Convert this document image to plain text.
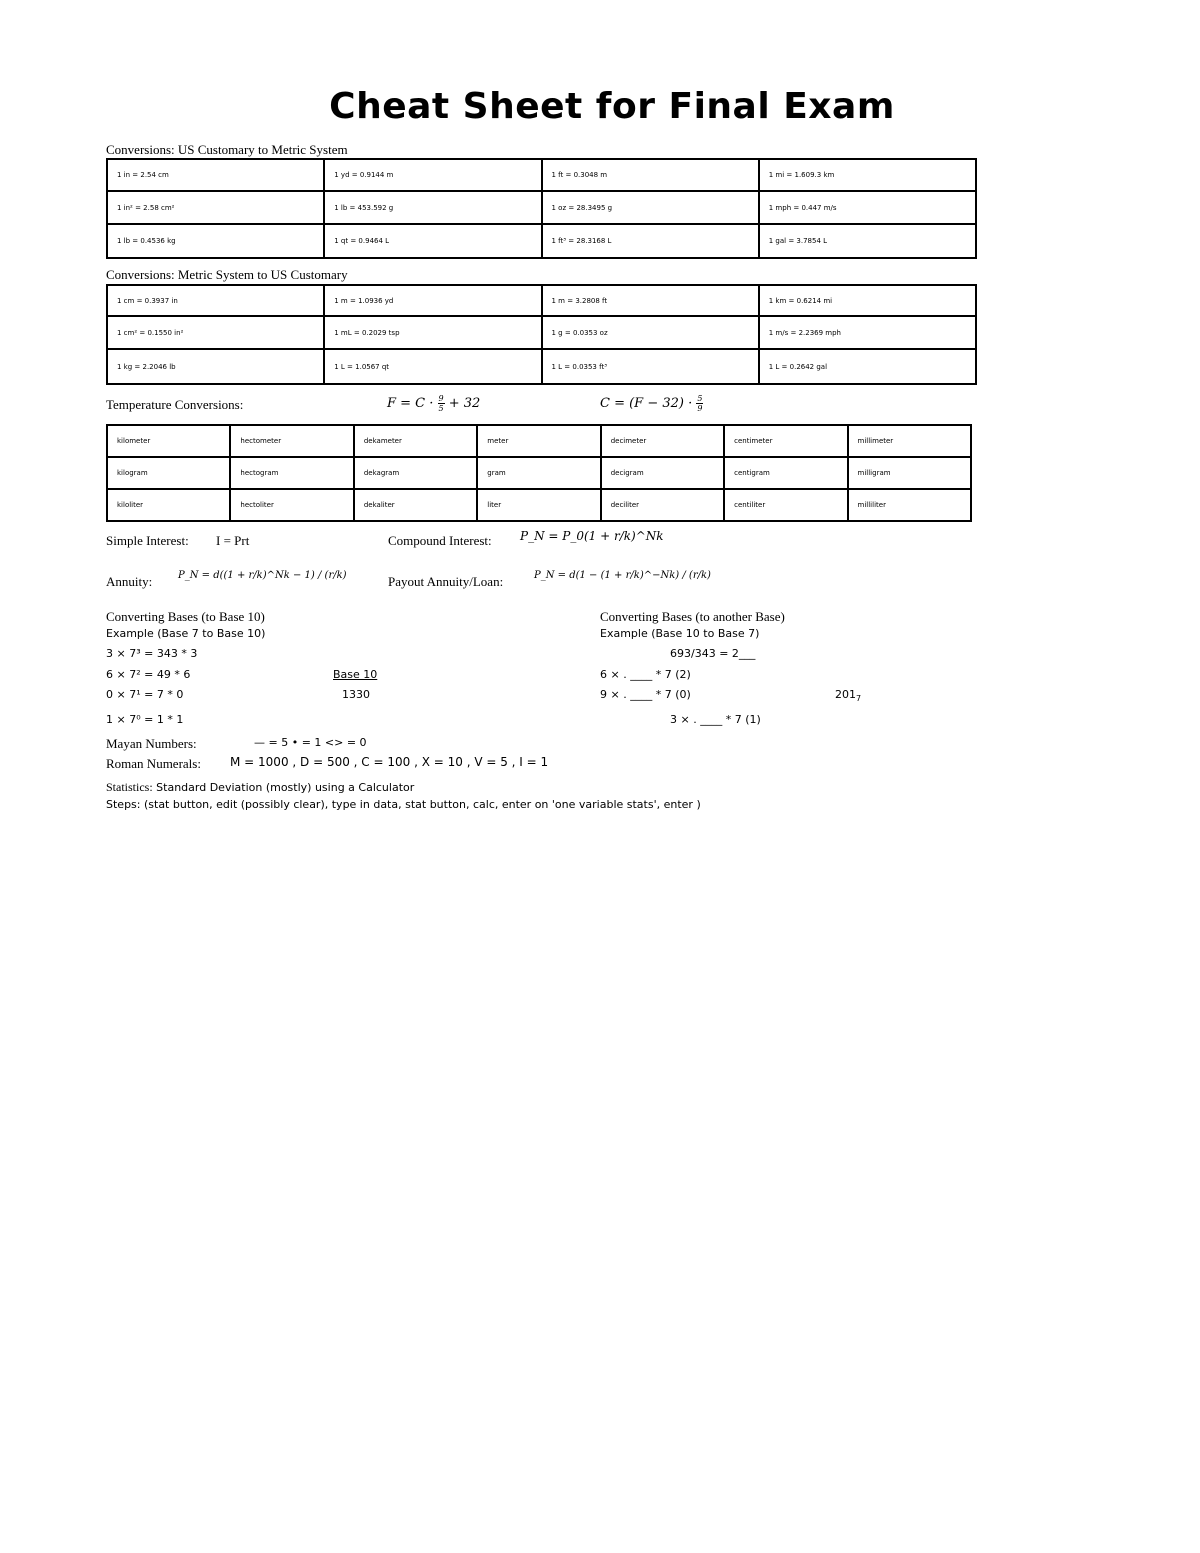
Cheat Sheet for Final Exam
Conversions: US Customary to Metric System
1 in = 2.54 cm	1 yd = 0.9144 m	1 ft = 0.3048 m	1 mi = 1.609.3 km
1 in² = 2.58 cm²	1 lb = 453.592 g	1 oz = 28.3495 g	1 mph = 0.447 m/s
1 lb = 0.4536 kg	1 qt = 0.9464 L	1 ft³ = 28.3168 L	1 gal = 3.7854 L
Conversions: Metric System to US Customary
1 cm = 0.3937 in	1 m = 1.0936 yd	1 m = 3.2808 ft	1 km = 0.6214 mi
1 cm² = 0.1550 in²	1 mL = 0.2029 tsp	1 g = 0.0353 oz	1 m/s = 2.2369 mph
1 kg = 2.2046 lb	1 L = 1.0567 qt	1 L = 0.0353 ft³	1 L = 0.2642 gal
Temperature Conversions:	$F = C \cdot \frac{9}{5} + 32$	$C = (F - 32) \cdot \frac{5}{9}$
kilometer	hectometer	dekameter	meter	decimeter	centimeter	millimeter
kilogram	hectogram	dekagram	gram	decigram	centigram	milligram
kiloliter	hectoliter	dekaliter	liter	deciliter	centiliter	milliliter
Simple Interest: I = Prt	Compound Interest: P_N = P_0(1 + r/k)^Nk
Annuity:	P_N = d((1 + r/k)^Nk − 1) / (r/k)	Payout Annuity/Loan:	P_N = d(1 − (1 + r/k)^−Nk) / (r/k)
Converting Bases (to Base 10)
Example (Base 7 to Base 10)
3 × 7³ = 343 * 3
6 × 7² = 49 * 6
0 × 7¹ = 7 * 0
1 × 7⁰ = 1 * 1
Base 10
1330
Converting Bases (to another Base)
Example (Base 10 to Base 7)
693/343 = 2___
6 × . ____ * 7 (2)
9 × . ____ * 7 (0)
3 × . ____ * 7 (1)
$201_7$
Mayan Numbers:	— = 5 • = 1 <> = 0
Roman Numerals: M = 1000 , D = 500 , C = 100 , X = 10 , V = 5 , I = 1
Statistics: Standard Deviation (mostly) using a Calculator
Steps: (stat button, edit (possibly clear), type in data, stat button, calc, enter on 'one variable stats', enter )
